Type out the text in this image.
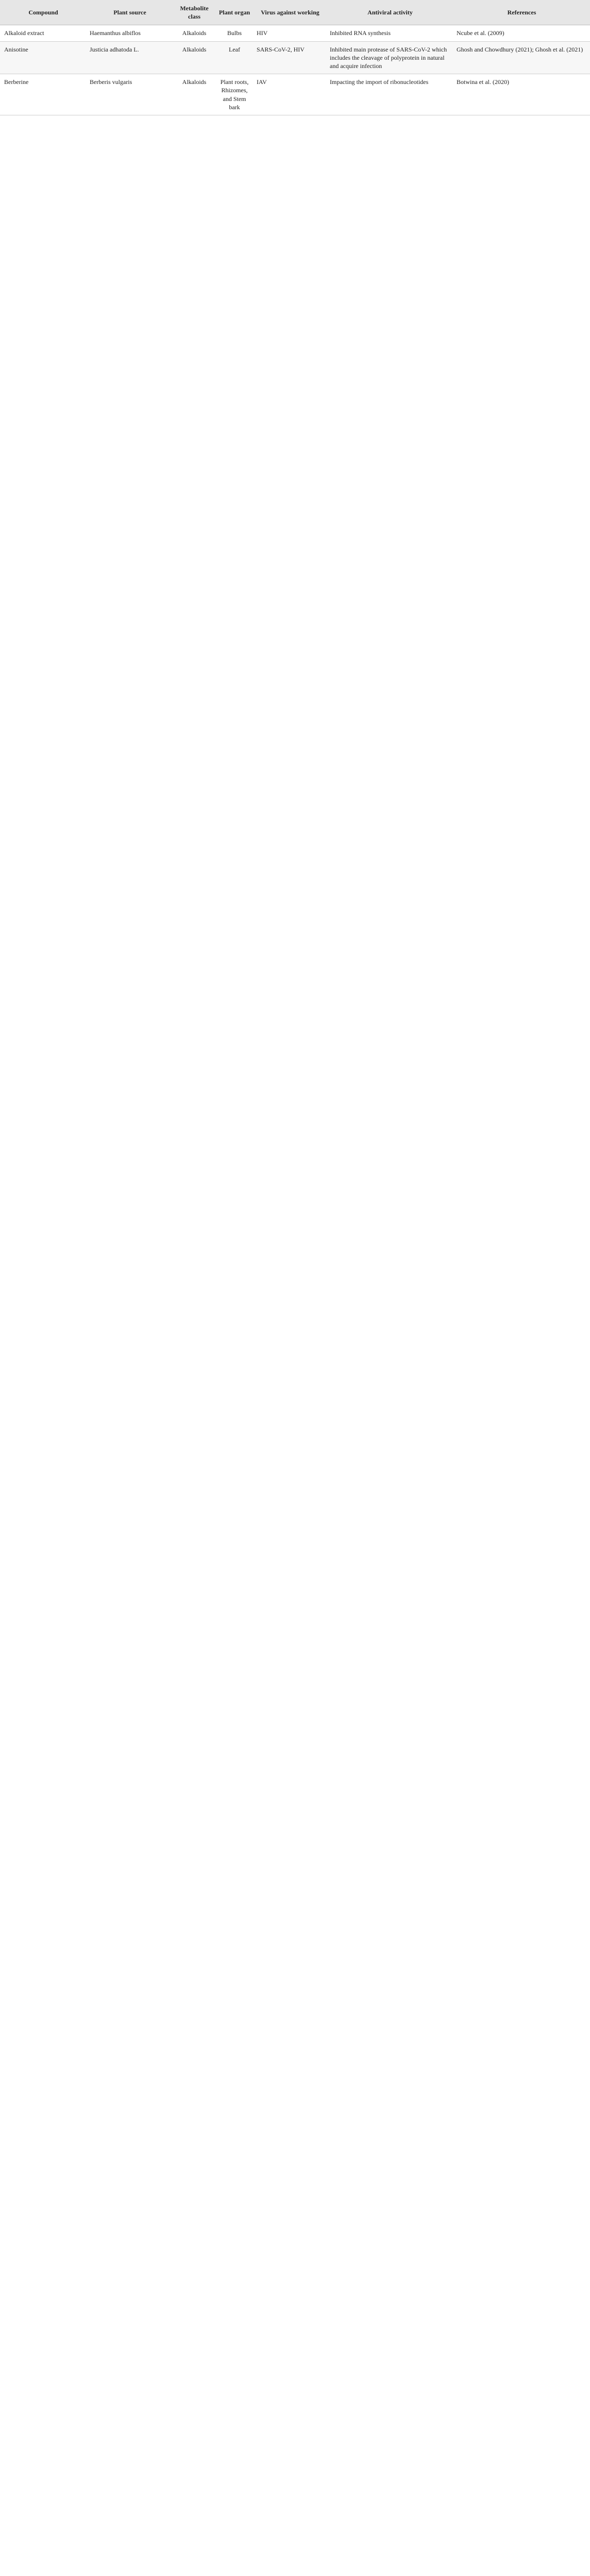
Compound	Plant source	Metabolite class	Plant organ	Virus against working	Antiviral activity	References
Alkaloid extract	Haemanthus albiflos	Alkaloids	Bulbs	HIV	Inhibited RNA synthesis	Ncube et al. (2009)
Anisotine	Justicia adhatoda L.	Alkaloids	Leaf	SARS-CoV-2, HIV	Inhibited main protease of SARS-CoV-2 which includes the cleavage of polyprotein in natural and acquire infection	Ghosh and Chowdhury (2021); Ghosh et al. (2021)
Berberine	Berberis vulgaris	Alkaloids	Plant roots, Rhizomes, and Stem bark	IAV	Impacting the import of ribonucleotides	Botwina et al. (2020)
